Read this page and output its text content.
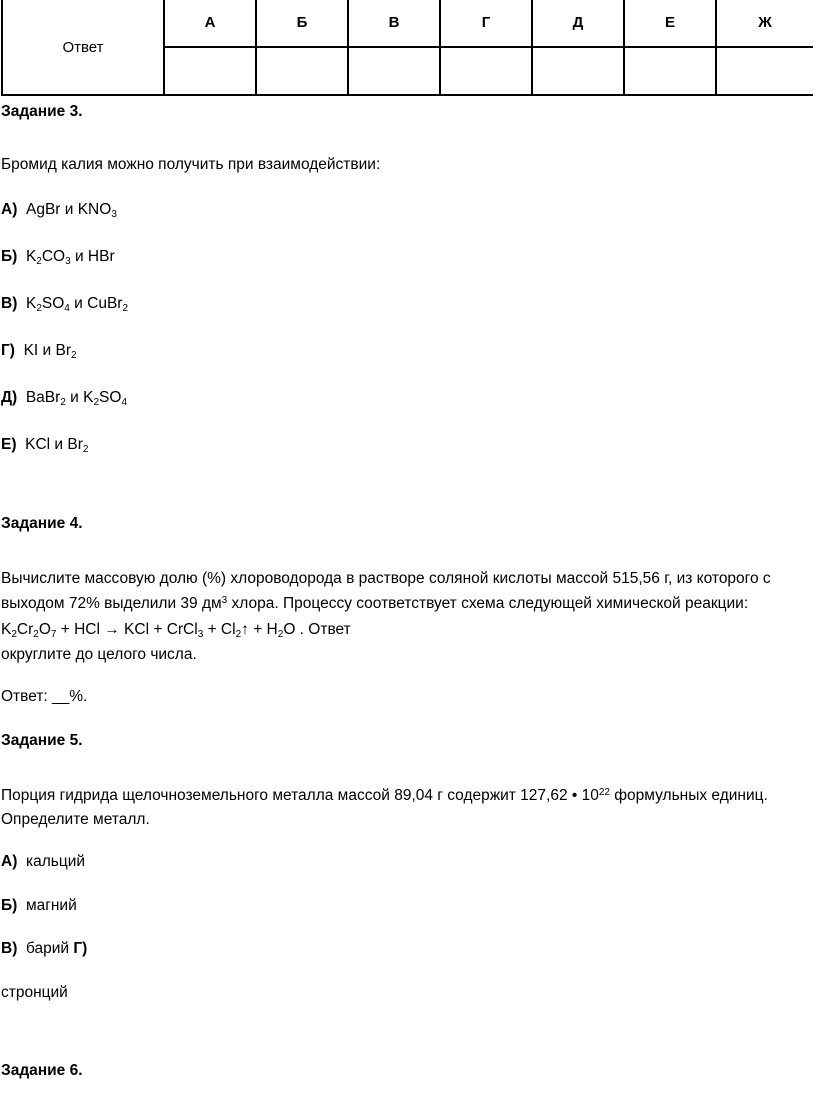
Ответ	А	Б	В	Г	Д	Е	Ж

Задание 3.
Бромид калия можно получить при взаимодействии:
А) AgBr и $KNO_3$
Б) $K_2CO_3$ и HBr
В) $K_2SO_4$ и CuBr$_2$
Г) KI и $Br_2$
Д) BaBr$_2$ и $K_2SO_4$
Е) KCl и $Br_2$
Задание 4.
Вычислите массовую долю (%) хлороводорода в растворе соляной кислоты массой 515,56 г, из которого с
выходом 72% выделили 39 $дм^3$ хлора. Процессу соответствует схема следующей химической реакции:
$K_2Cr_2O_7$ + HCl → KCl + CrCl$_3$ + $Cl_2↑ + H_2O$ . Ответ
округлите до целого числа.
Ответ: __%.
Задание 5.
Порция гидрида щелочноземельного металла массой 89,04 г содержит 127,62 • $10^{22}$ формульных единиц.
Определите металл.
А) кальций
Б) магний
В) барий Г)
стронций
Задание 6.
